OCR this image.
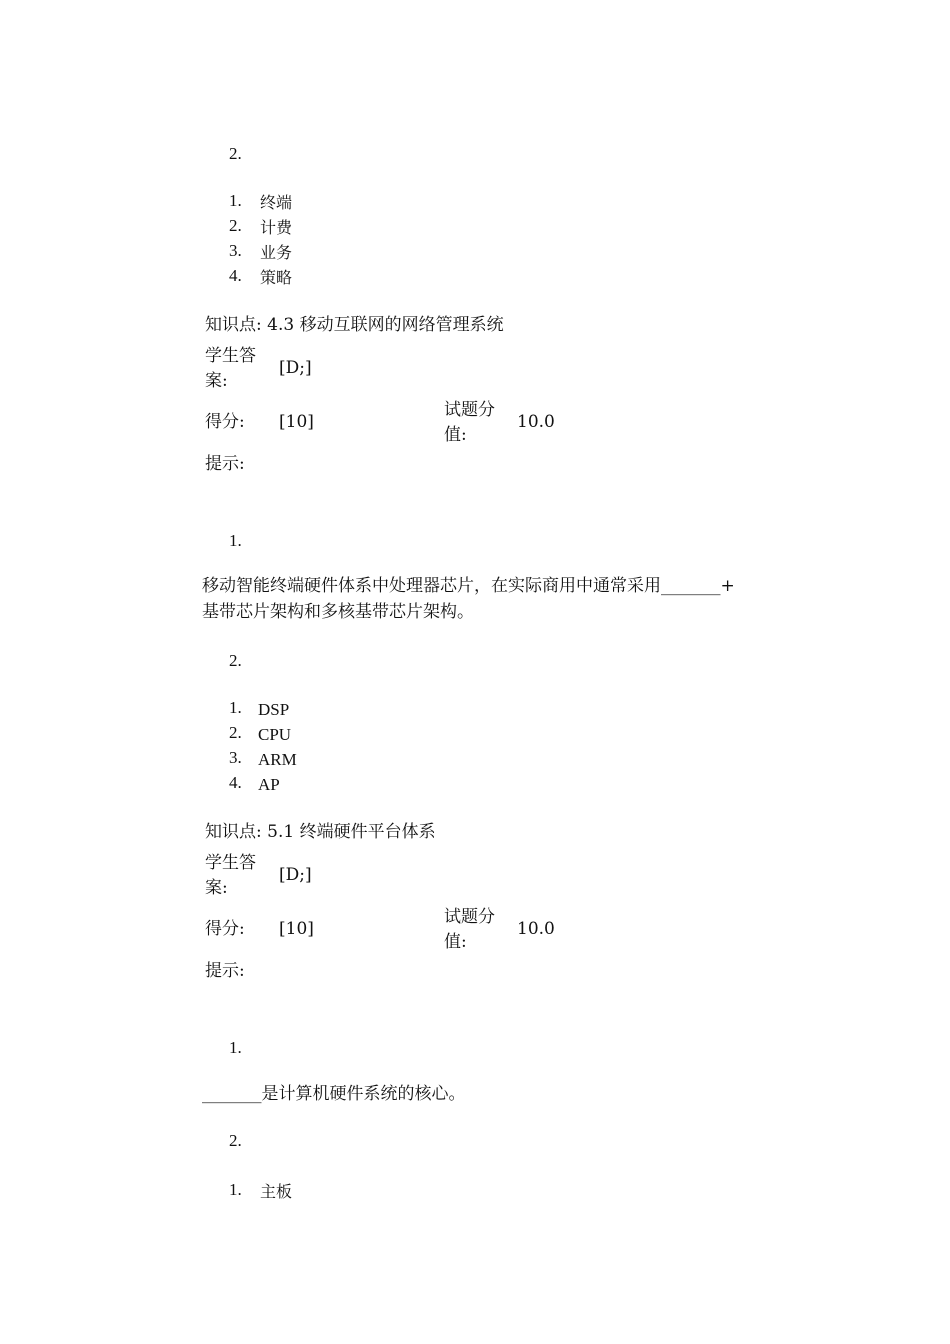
2.
1. 终端
2. 计费
3. 业务
4. 策略
知识点: 4.3 移动互联网的网络管理系统
学生答
案:
[D;]
得分: [10]
试题分
值:
10.0
提示:
1.
移动智能终端硬件体系中处理器芯片，在实际商用中通常采用_______+
基带芯片架构和多核基带芯片架构。
2.
1. DSP
2. CPU
3. ARM
4. AP
知识点: 5.1 终端硬件平台体系
学生答
案:
[D;]
得分: [10]
试题分
值:
10.0
提示:
1.
_______是计算机硬件系统的核心。
2.
1. 主板
